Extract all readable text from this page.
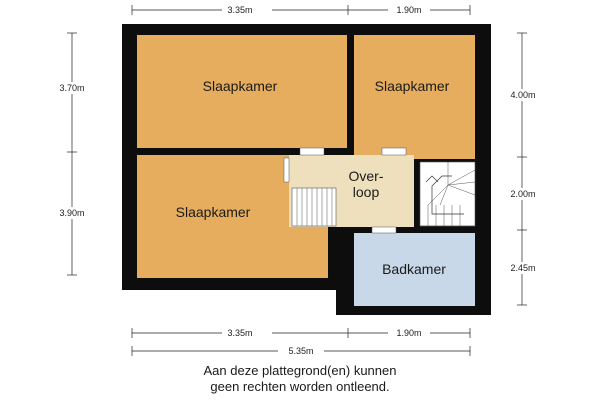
Slaapkamer	Slaapkamer
Slaapkamer
Over-
loop
Badkamer
3.35m	1.90m
3.70m
3.90m
4.00m
2.00m
2.45m
3.35m	1.90m
5.35m
Aan deze plattegrond(en) kunnen
geen rechten worden ontleend.
